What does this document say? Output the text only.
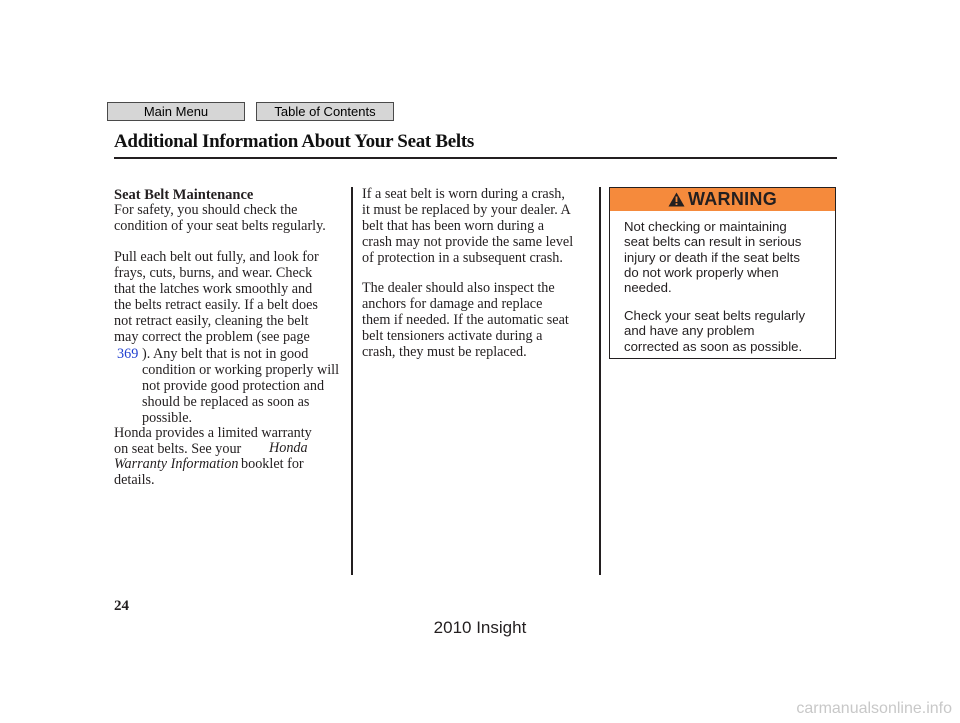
Main Menu	Table of Contents
Additional Information About Your Seat Belts
Seat Belt Maintenance

For safety, you should check the
condition of your seat belts regularly.

Pull each belt out fully, and look for
frays, cuts, burns, and wear. Check
that the latches work smoothly and
the belts retract easily. If a belt does
not retract easily, cleaning the belt
may correct the problem (see page

369 ). Any belt that is not in good
condition or working properly will
not provide good protection and
should be replaced as soon as
possible.

Honda provides a limited warranty
on seat belts. See your	Honda
Warranty Information booklet for
details.

If a seat belt is worn during a crash,
it must be replaced by your dealer. A
belt that has been worn during a
crash may not provide the same level
of protection in a subsequent crash.

The dealer should also inspect the
anchors for damage and replace
them if needed. If the automatic seat
belt tensioners activate during a
crash, they must be replaced.

WARNING

Not checking or maintaining
seat belts can result in serious
injury or death if the seat belts
do not work properly when
needed.

Check your seat belts regularly
and have any problem
corrected as soon as possible.

24
2010 Insight
carmanualsonline.info
